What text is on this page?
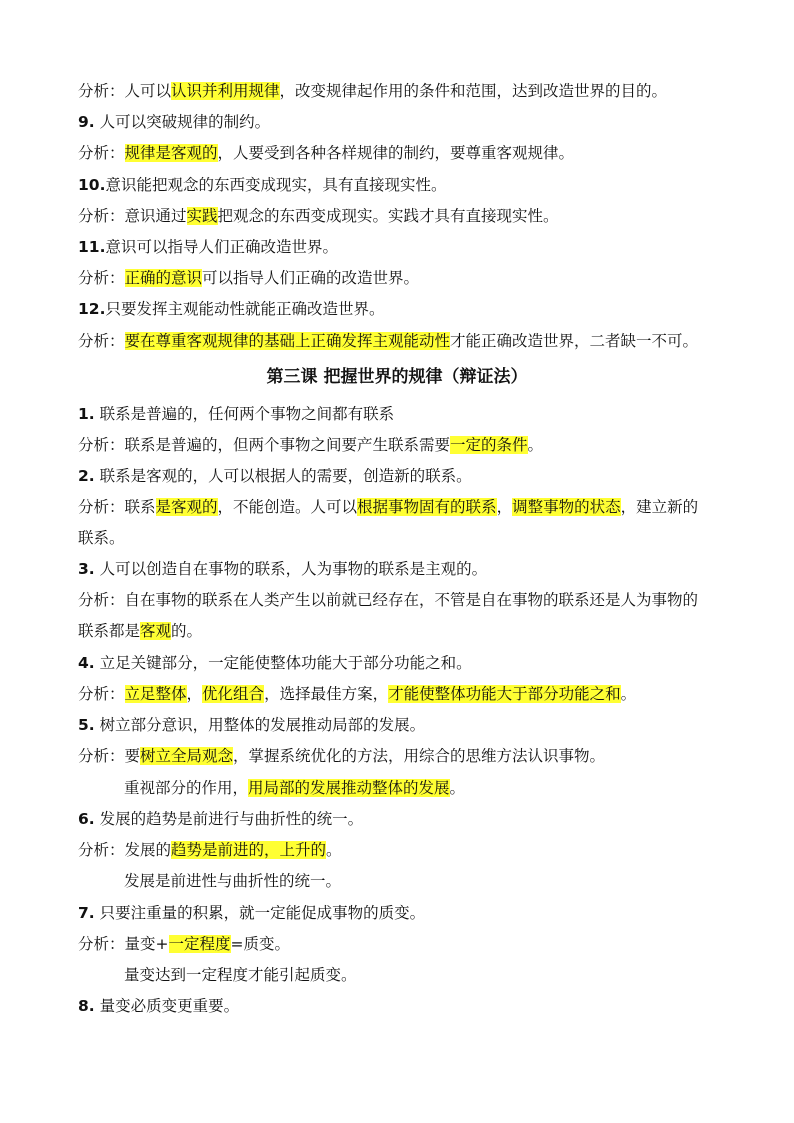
分析：人可以认识并利用规律，改变规律起作用的条件和范围，达到改造世界的目的。
9. 人可以突破规律的制约。
分析：规律是客观的，人要受到各种各样规律的制约，要尊重客观规律。
10.意识能把观念的东西变成现实，具有直接现实性。
分析：意识通过实践把观念的东西变成现实。实践才具有直接现实性。
11.意识可以指导人们正确改造世界。
分析：正确的意识可以指导人们正确的改造世界。
12.只要发挥主观能动性就能正确改造世界。
分析：要在尊重客观规律的基础上正确发挥主观能动性才能正确改造世界，二者缺一不可。
第三课 把握世界的规律（辩证法）
1. 联系是普遍的，任何两个事物之间都有联系
分析：联系是普遍的，但两个事物之间要产生联系需要一定的条件。
2. 联系是客观的，人可以根据人的需要，创造新的联系。
分析：联系是客观的，不能创造。人可以根据事物固有的联系，调整事物的状态，建立新的
联系。
3. 人可以创造自在事物的联系，人为事物的联系是主观的。
分析：自在事物的联系在人类产生以前就已经存在，不管是自在事物的联系还是人为事物的
联系都是客观的。
4. 立足关键部分，一定能使整体功能大于部分功能之和。
分析：立足整体，优化组合，选择最佳方案，才能使整体功能大于部分功能之和。
5. 树立部分意识，用整体的发展推动局部的发展。
分析：要树立全局观念，掌握系统优化的方法，用综合的思维方法认识事物。
重视部分的作用，用局部的发展推动整体的发展。
6. 发展的趋势是前进行与曲折性的统一。
分析：发展的趋势是前进的，上升的。
发展是前进性与曲折性的统一。
7. 只要注重量的积累，就一定能促成事物的质变。
分析：量变+一定程度=质变。
量变达到一定程度才能引起质变。
8. 量变必质变更重要。
